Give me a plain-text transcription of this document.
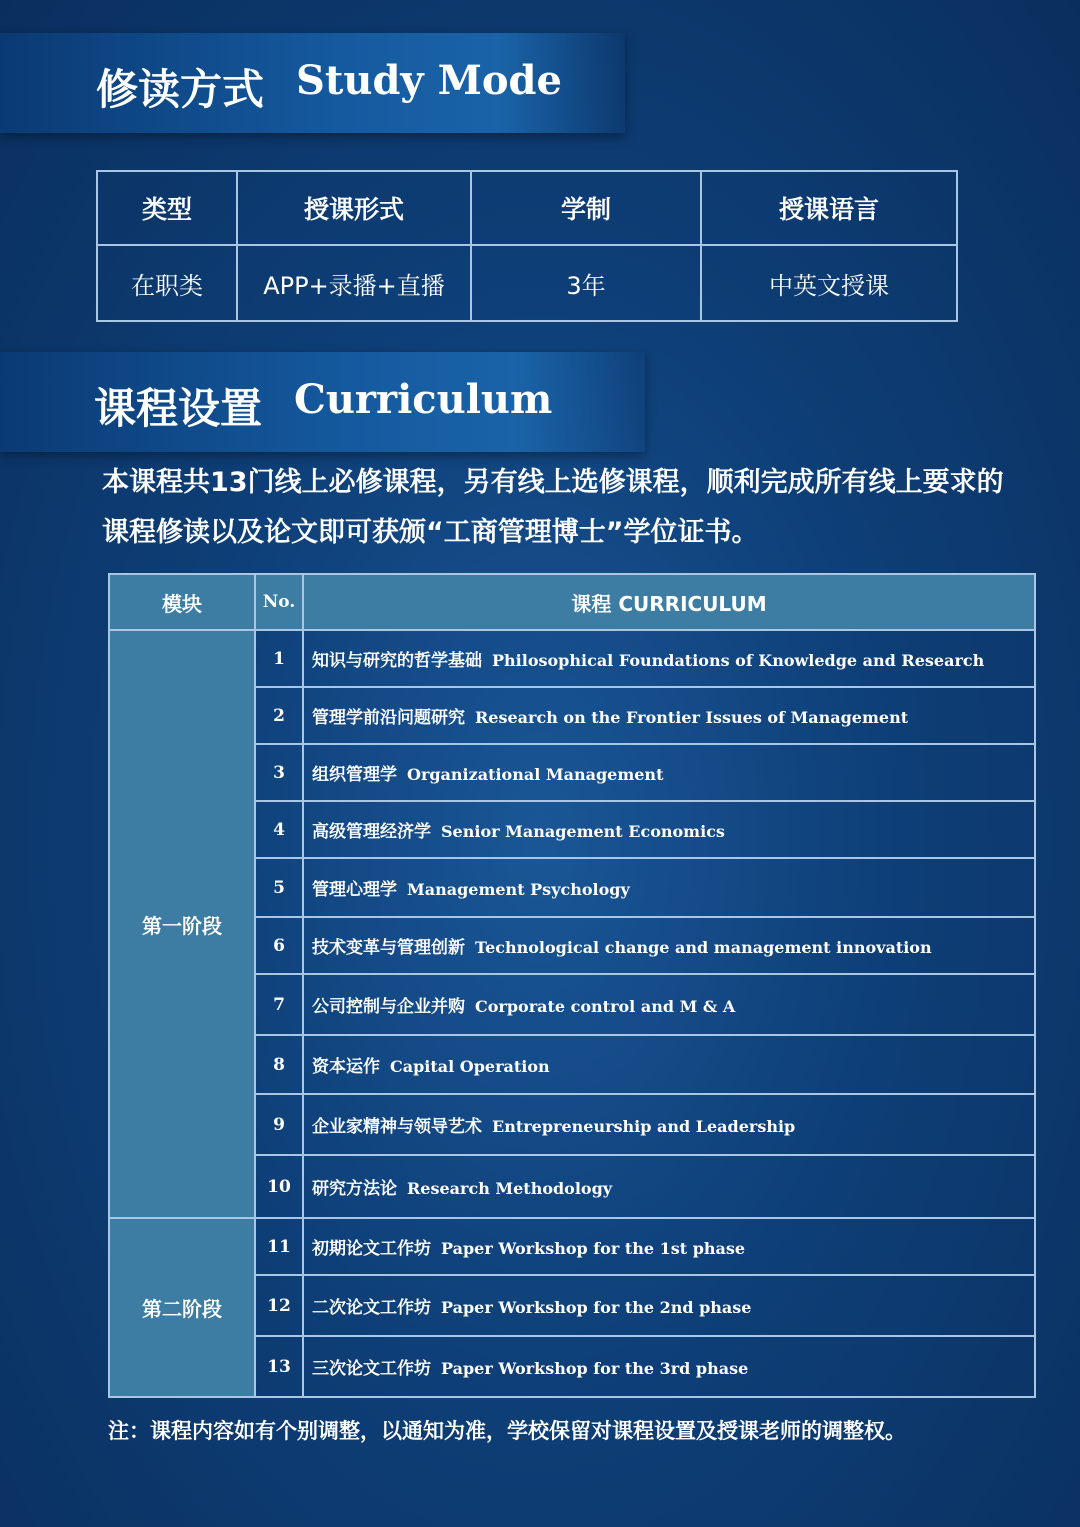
修读方式 Study Mode
类型	授课形式	学制	授课语言
在职类	APP+录播+直播	3年	中英文授课
课程设置 Curriculum
本课程共13门线上必修课程，另有线上选修课程，顺利完成所有线上要求的课程修读以及论文即可获颁“工商管理博士”学位证书。
模块	No.	课程 CURRICULUM
第一阶段	1	知识与研究的哲学基础 Philosophical Foundations of Knowledge and Research
	2	管理学前沿问题研究 Research on the Frontier Issues of Management
	3	组织管理学 Organizational Management
	4	高级管理经济学 Senior Management Economics
	5	管理心理学 Management Psychology
	6	技术变革与管理创新 Technological change and management innovation
	7	公司控制与企业并购 Corporate control and M & A
	8	资本运作 Capital Operation
	9	企业家精神与领导艺术 Entrepreneurship and Leadership
	10	研究方法论 Research Methodology
第二阶段	11	初期论文工作坊 Paper Workshop for the 1st phase
	12	二次论文工作坊 Paper Workshop for the 2nd phase
	13	三次论文工作坊 Paper Workshop for the 3rd phase
注：课程内容如有个别调整，以通知为准，学校保留对课程设置及授课老师的调整权。
